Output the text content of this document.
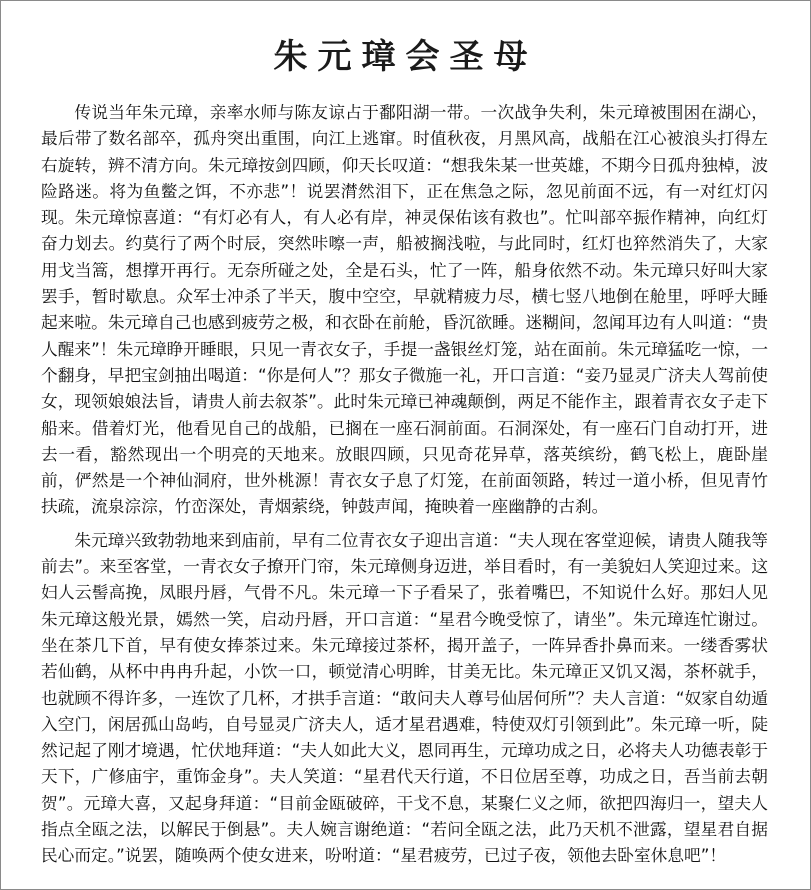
朱元璋会圣母

传说当年朱元璋，亲率水师与陈友谅占于鄱阳湖一带。一次战争失利，朱元璋被围困在湖心，最后带了数名部卒，孤舟突出重围，向江上逃窜。时值秋夜，月黑风高，战船在江心被浪头打得左右旋转，辨不清方向。朱元璋按剑四顾，仰天长叹道：“想我朱某一世英雄，不期今日孤舟独棹，波险路迷。将为鱼鳖之饵，不亦悲”！说罢潸然泪下，正在焦急之际，忽见前面不远，有一对红灯闪现。朱元璋惊喜道：“有灯必有人，有人必有岸，神灵保佑该有救也”。忙叫部卒振作精神，向红灯奋力划去。约莫行了两个时辰，突然咔嚓一声，船被搁浅啦，与此同时，红灯也猝然消失了，大家用戈当篙，想撑开再行。无奈所碰之处，全是石头，忙了一阵，船身依然不动。朱元璋只好叫大家罢手，暂时歇息。众军士冲杀了半天，腹中空空，早就精疲力尽，横七竖八地倒在舱里，呼呼大睡起来啦。朱元璋自己也感到疲劳之极，和衣卧在前舱，昏沉欲睡。迷糊间，忽闻耳边有人叫道：“贵人醒来”！朱元璋睁开睡眼，只见一青衣女子，手提一盏银丝灯笼，站在面前。朱元璋猛吃一惊，一个翻身，早把宝剑抽出喝道：“你是何人”？那女子微施一礼，开口言道：“妾乃显灵广济夫人驾前使女，现领娘娘法旨，请贵人前去叙茶”。此时朱元璋已神魂颠倒，两足不能作主，跟着青衣女子走下船来。借着灯光，他看见自己的战船，已搁在一座石洞前面。石洞深处，有一座石门自动打开，进去一看，豁然现出一个明亮的天地来。放眼四顾，只见奇花异草，落英缤纷，鹤飞松上，鹿卧崖前，俨然是一个神仙洞府，世外桃源！青衣女子息了灯笼，在前面领路，转过一道小桥，但见青竹扶疏，流泉淙淙，竹峦深处，青烟萦绕，钟鼓声闻，掩映着一座幽静的古刹。

朱元璋兴致勃勃地来到庙前，早有二位青衣女子迎出言道：“夫人现在客堂迎候，请贵人随我等前去”。来至客堂，一青衣女子撩开门帘，朱元璋侧身迈进，举目看时，有一美貌妇人笑迎过来。这妇人云髻高挽，凤眼丹唇，气骨不凡。朱元璋一下子看呆了，张着嘴巴，不知说什么好。那妇人见朱元璋这般光景，嫣然一笑，启动丹唇，开口言道：“星君今晚受惊了，请坐”。朱元璋连忙谢过。坐在茶几下首，早有使女捧茶过来。朱元璋接过茶杯，揭开盖子，一阵异香扑鼻而来。一缕香雾状若仙鹤，从杯中冉冉升起，小饮一口，顿觉清心明眸，甘美无比。朱元璋正又饥又渴，茶杯就手，也就顾不得许多，一连饮了几杯，才拱手言道：“敢问夫人尊号仙居何所”？夫人言道：“奴家自幼遁入空门，闲居孤山岛屿，自号显灵广济夫人，适才星君遇难，特使双灯引领到此”。朱元璋一听，陡然记起了刚才境遇，忙伏地拜道：“夫人如此大义，恩同再生，元璋功成之日，必将夫人功德表彰于天下，广修庙宇，重饰金身”。夫人笑道：“星君代天行道，不日位居至尊，功成之日，吾当前去朝贺”。元璋大喜，又起身拜道：“目前金瓯破碎，干戈不息，某聚仁义之师，欲把四海归一，望夫人指点全瓯之法，以解民于倒悬”。夫人婉言谢绝道：“若问全瓯之法，此乃天机不泄露，望星君自据民心而定。”说罢，随唤两个使女进来，吩咐道：“星君疲劳，已过子夜，领他去卧室休息吧”！
